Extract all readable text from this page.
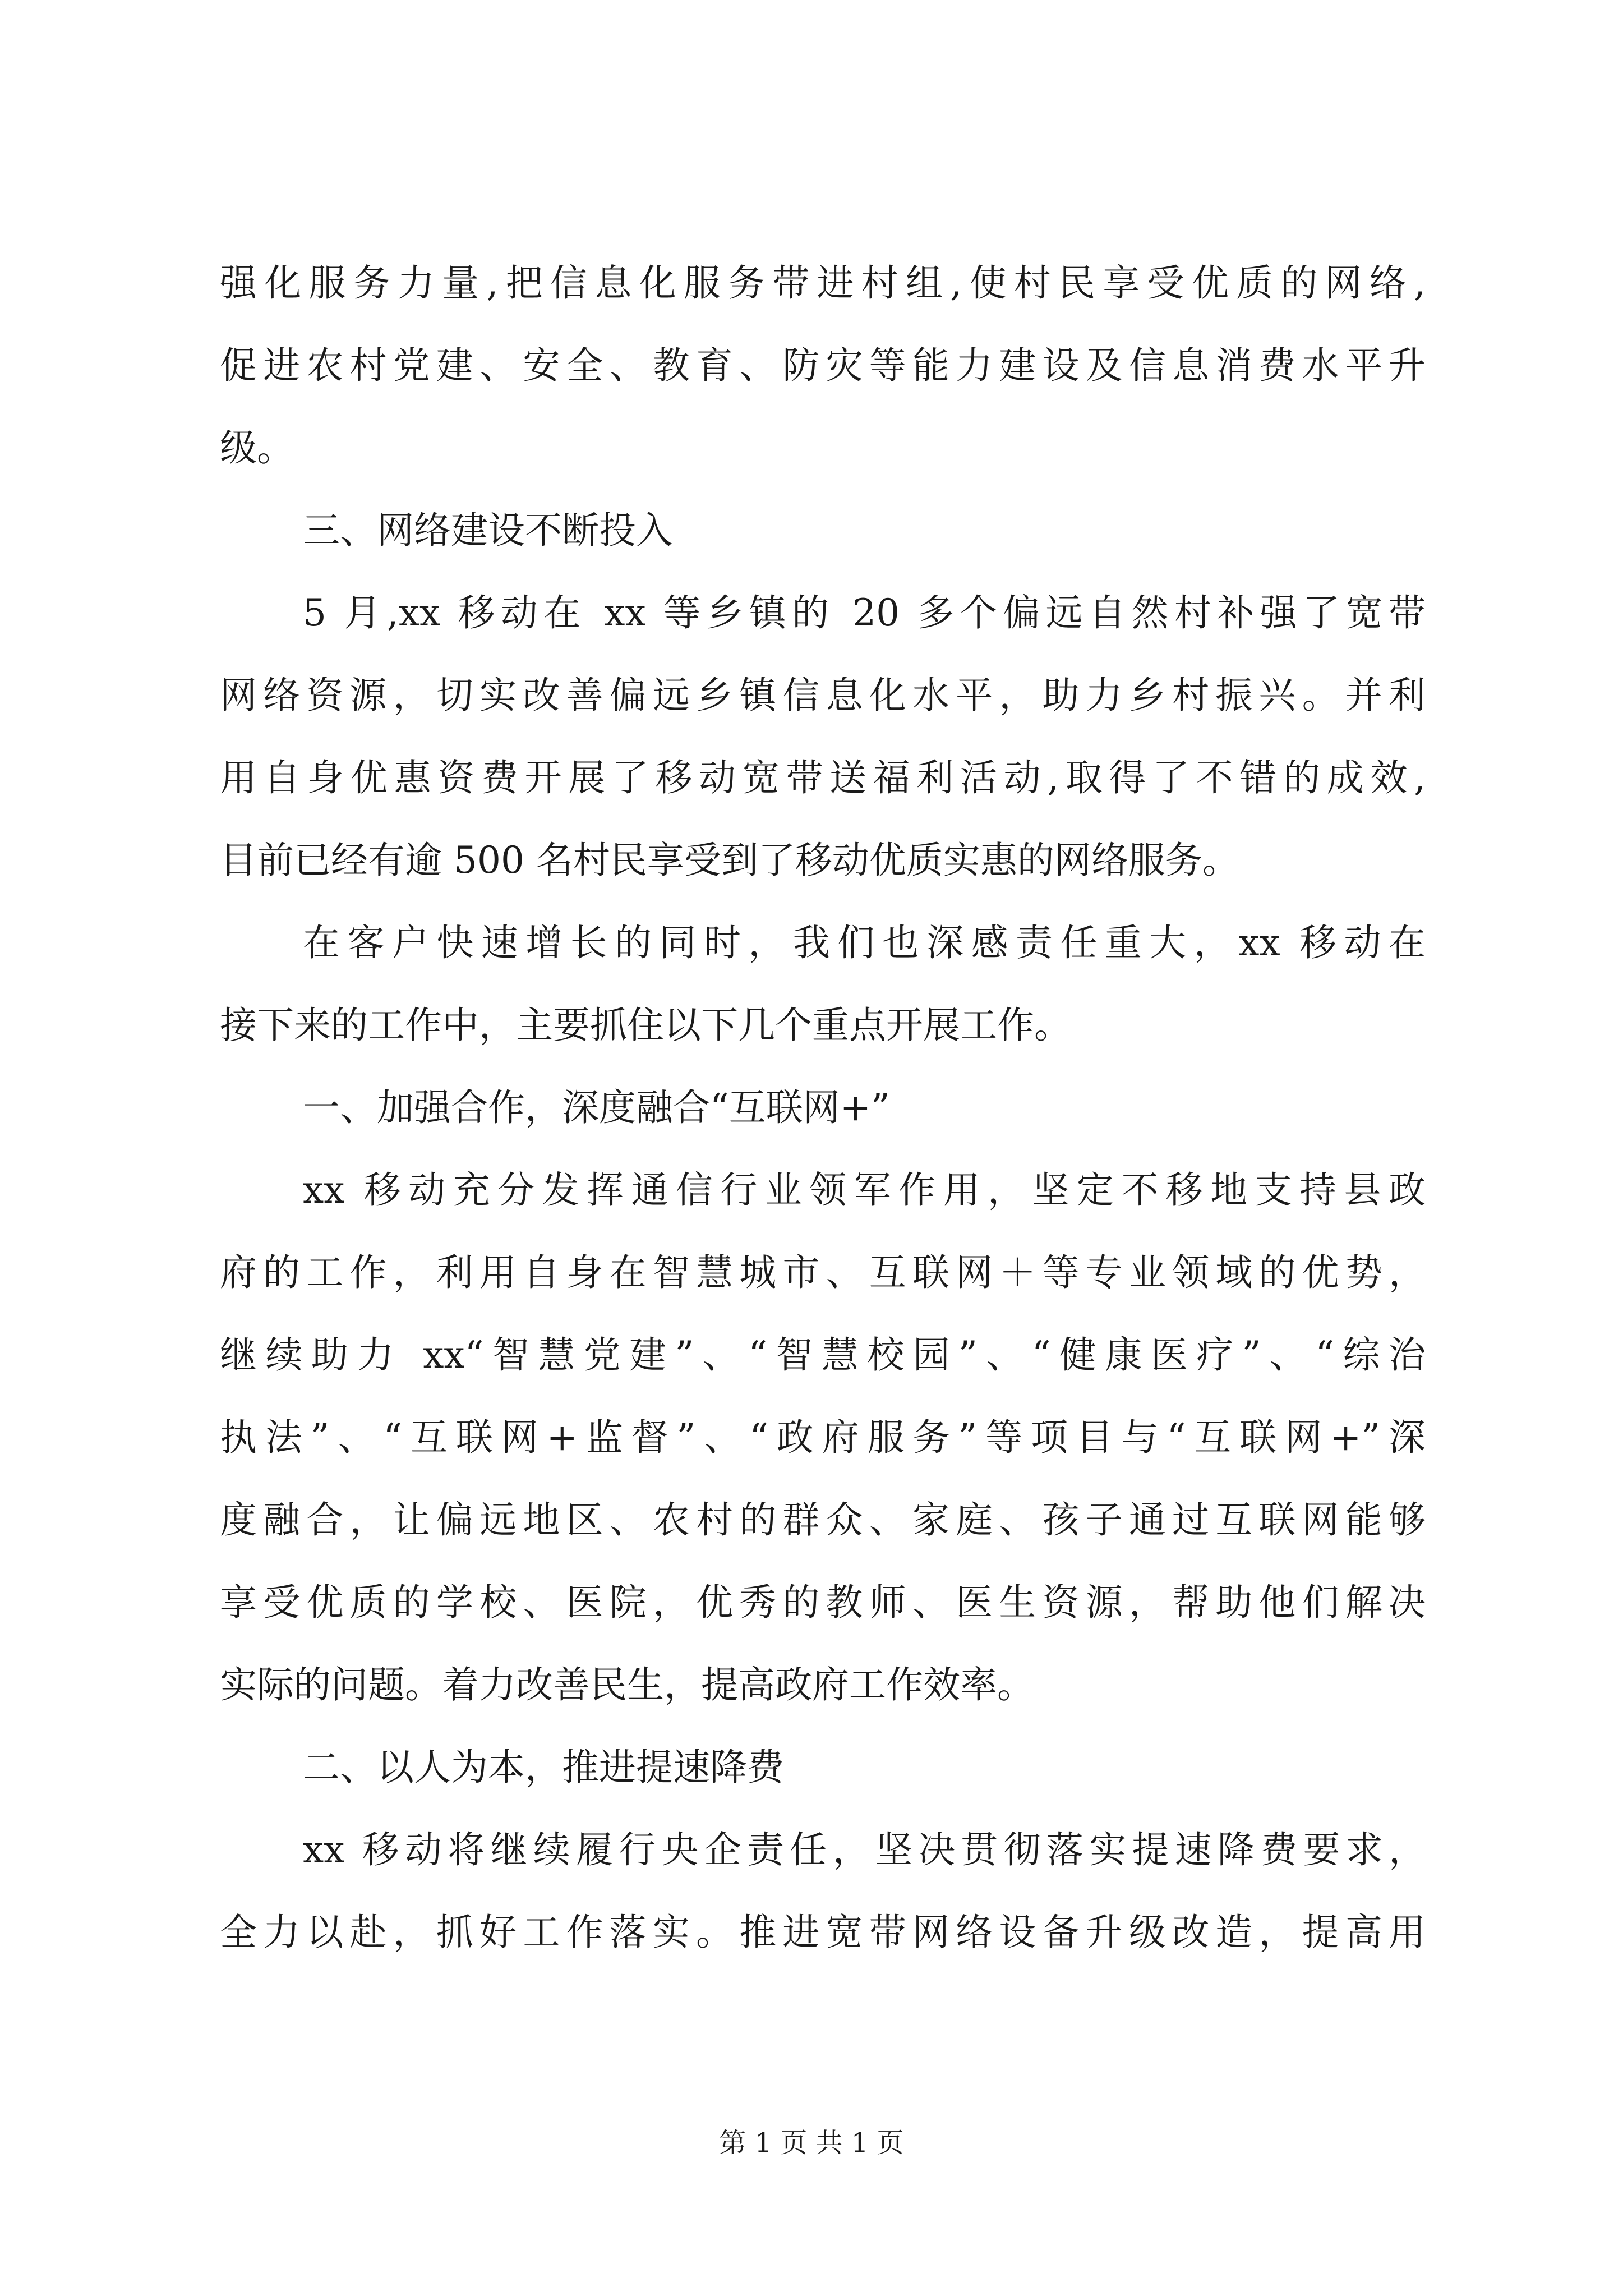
强化服务力量,把信息化服务带进村组,使村民享受优质的网络,
促进农村党建、安全、教育、防灾等能力建设及信息消费水平升
级。
三、网络建设不断投入
5 月,xx 移动在 xx 等乡镇的 20 多个偏远自然村补强了宽带
网络资源，切实改善偏远乡镇信息化水平，助力乡村振兴。并利
用自身优惠资费开展了移动宽带送福利活动,取得了不错的成效,
目前已经有逾 500 名村民享受到了移动优质实惠的网络服务。
在客户快速增长的同时，我们也深感责任重大，xx 移动在
接下来的工作中，主要抓住以下几个重点开展工作。
一、加强合作，深度融合“互联网+”
xx 移动充分发挥通信行业领军作用，坚定不移地支持县政
府的工作，利用自身在智慧城市、互联网＋等专业领域的优势，
继续助力 xx“智慧党建”、“智慧校园”、“健康医疗”、“综治
执法”、“互联网+监督”、“政府服务”等项目与“互联网+”深
度融合，让偏远地区、农村的群众、家庭、孩子通过互联网能够
享受优质的学校、医院，优秀的教师、医生资源，帮助他们解决
实际的问题。着力改善民生，提高政府工作效率。
二、以人为本，推进提速降费
xx 移动将继续履行央企责任，坚决贯彻落实提速降费要求，
全力以赴，抓好工作落实。推进宽带网络设备升级改造，提高用
第 1 页 共 1 页
